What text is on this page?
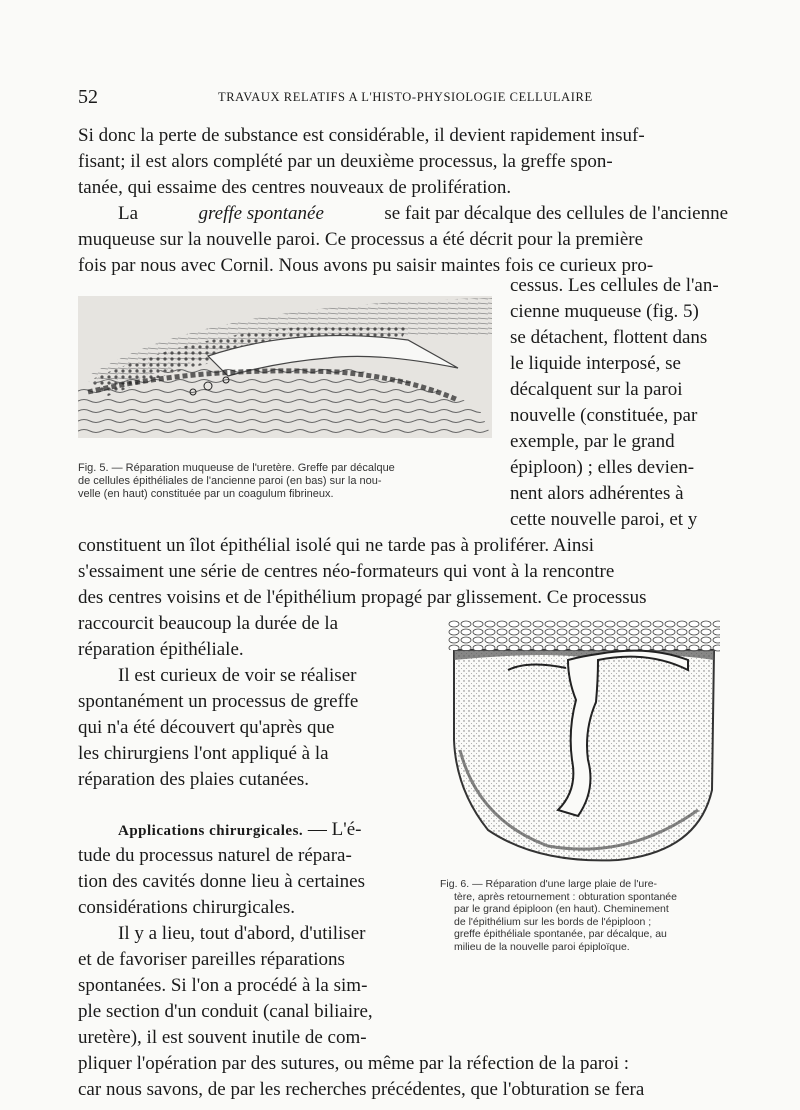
52	TRAVAUX RELATIFS A L'HISTO-PHYSIOLOGIE CELLULAIRE
Si donc la perte de substance est considérable, il devient rapidement insuf-
fisant; il est alors complété par un deuxième processus, la greffe spon-
tanée, qui essaime des centres nouveaux de prolifération.
La	greffe spontanée	se fait par décalque des cellules de l'ancienne
muqueuse sur la nouvelle paroi. Ce processus a été décrit pour la première
fois par nous avec Cornil. Nous avons pu saisir maintes fois ce curieux pro-
cessus. Les cellules de l'an-
cienne muqueuse (fig. 5)
se détachent, flottent dans
le liquide interposé, se
décalquent sur la paroi
nouvelle (constituée, par
exemple, par le grand
épiploon) ; elles devien-
nent alors adhérentes à
cette nouvelle paroi, et y
Fig. 5. — Réparation muqueuse de l'uretère. Greffe par décalque
de cellules épithéliales de l'ancienne paroi (en bas) sur la nou-
velle (en haut) constituée par un coagulum fibrineux.
constituent un îlot épithélial isolé qui ne tarde pas à proliférer. Ainsi
s'essaiment une série de centres néo-formateurs qui vont à la rencontre
des centres voisins et de l'épithélium propagé par glissement. Ce processus
raccourcit beaucoup la durée de la
réparation épithéliale.
Il est curieux de voir se réaliser
spontanément un processus de greffe
qui n'a été découvert qu'après que
les chirurgiens l'ont appliqué à la
réparation des plaies cutanées.
Applications chirurgicales. — L'é-
tude du processus naturel de répara-
tion des cavités donne lieu à certaines
considérations chirurgicales.
Il y a lieu, tout d'abord, d'utiliser
et de favoriser pareilles réparations
spontanées. Si l'on a procédé à la sim-
ple section d'un conduit (canal biliaire,
uretère), il est souvent inutile de com-
Fig. 6. — Réparation d'une large plaie de l'ure-
tère, après retournement : obturation spontanée
par le grand épiploon (en haut). Cheminement
de l'épithélium sur les bords de l'épiploon ;
greffe épithéliale spontanée, par décalque, au
milieu de la nouvelle paroi épiploïque.
pliquer l'opération par des sutures, ou même par la réfection de la paroi :
car nous savons, de par les recherches précédentes, que l'obturation se fera
